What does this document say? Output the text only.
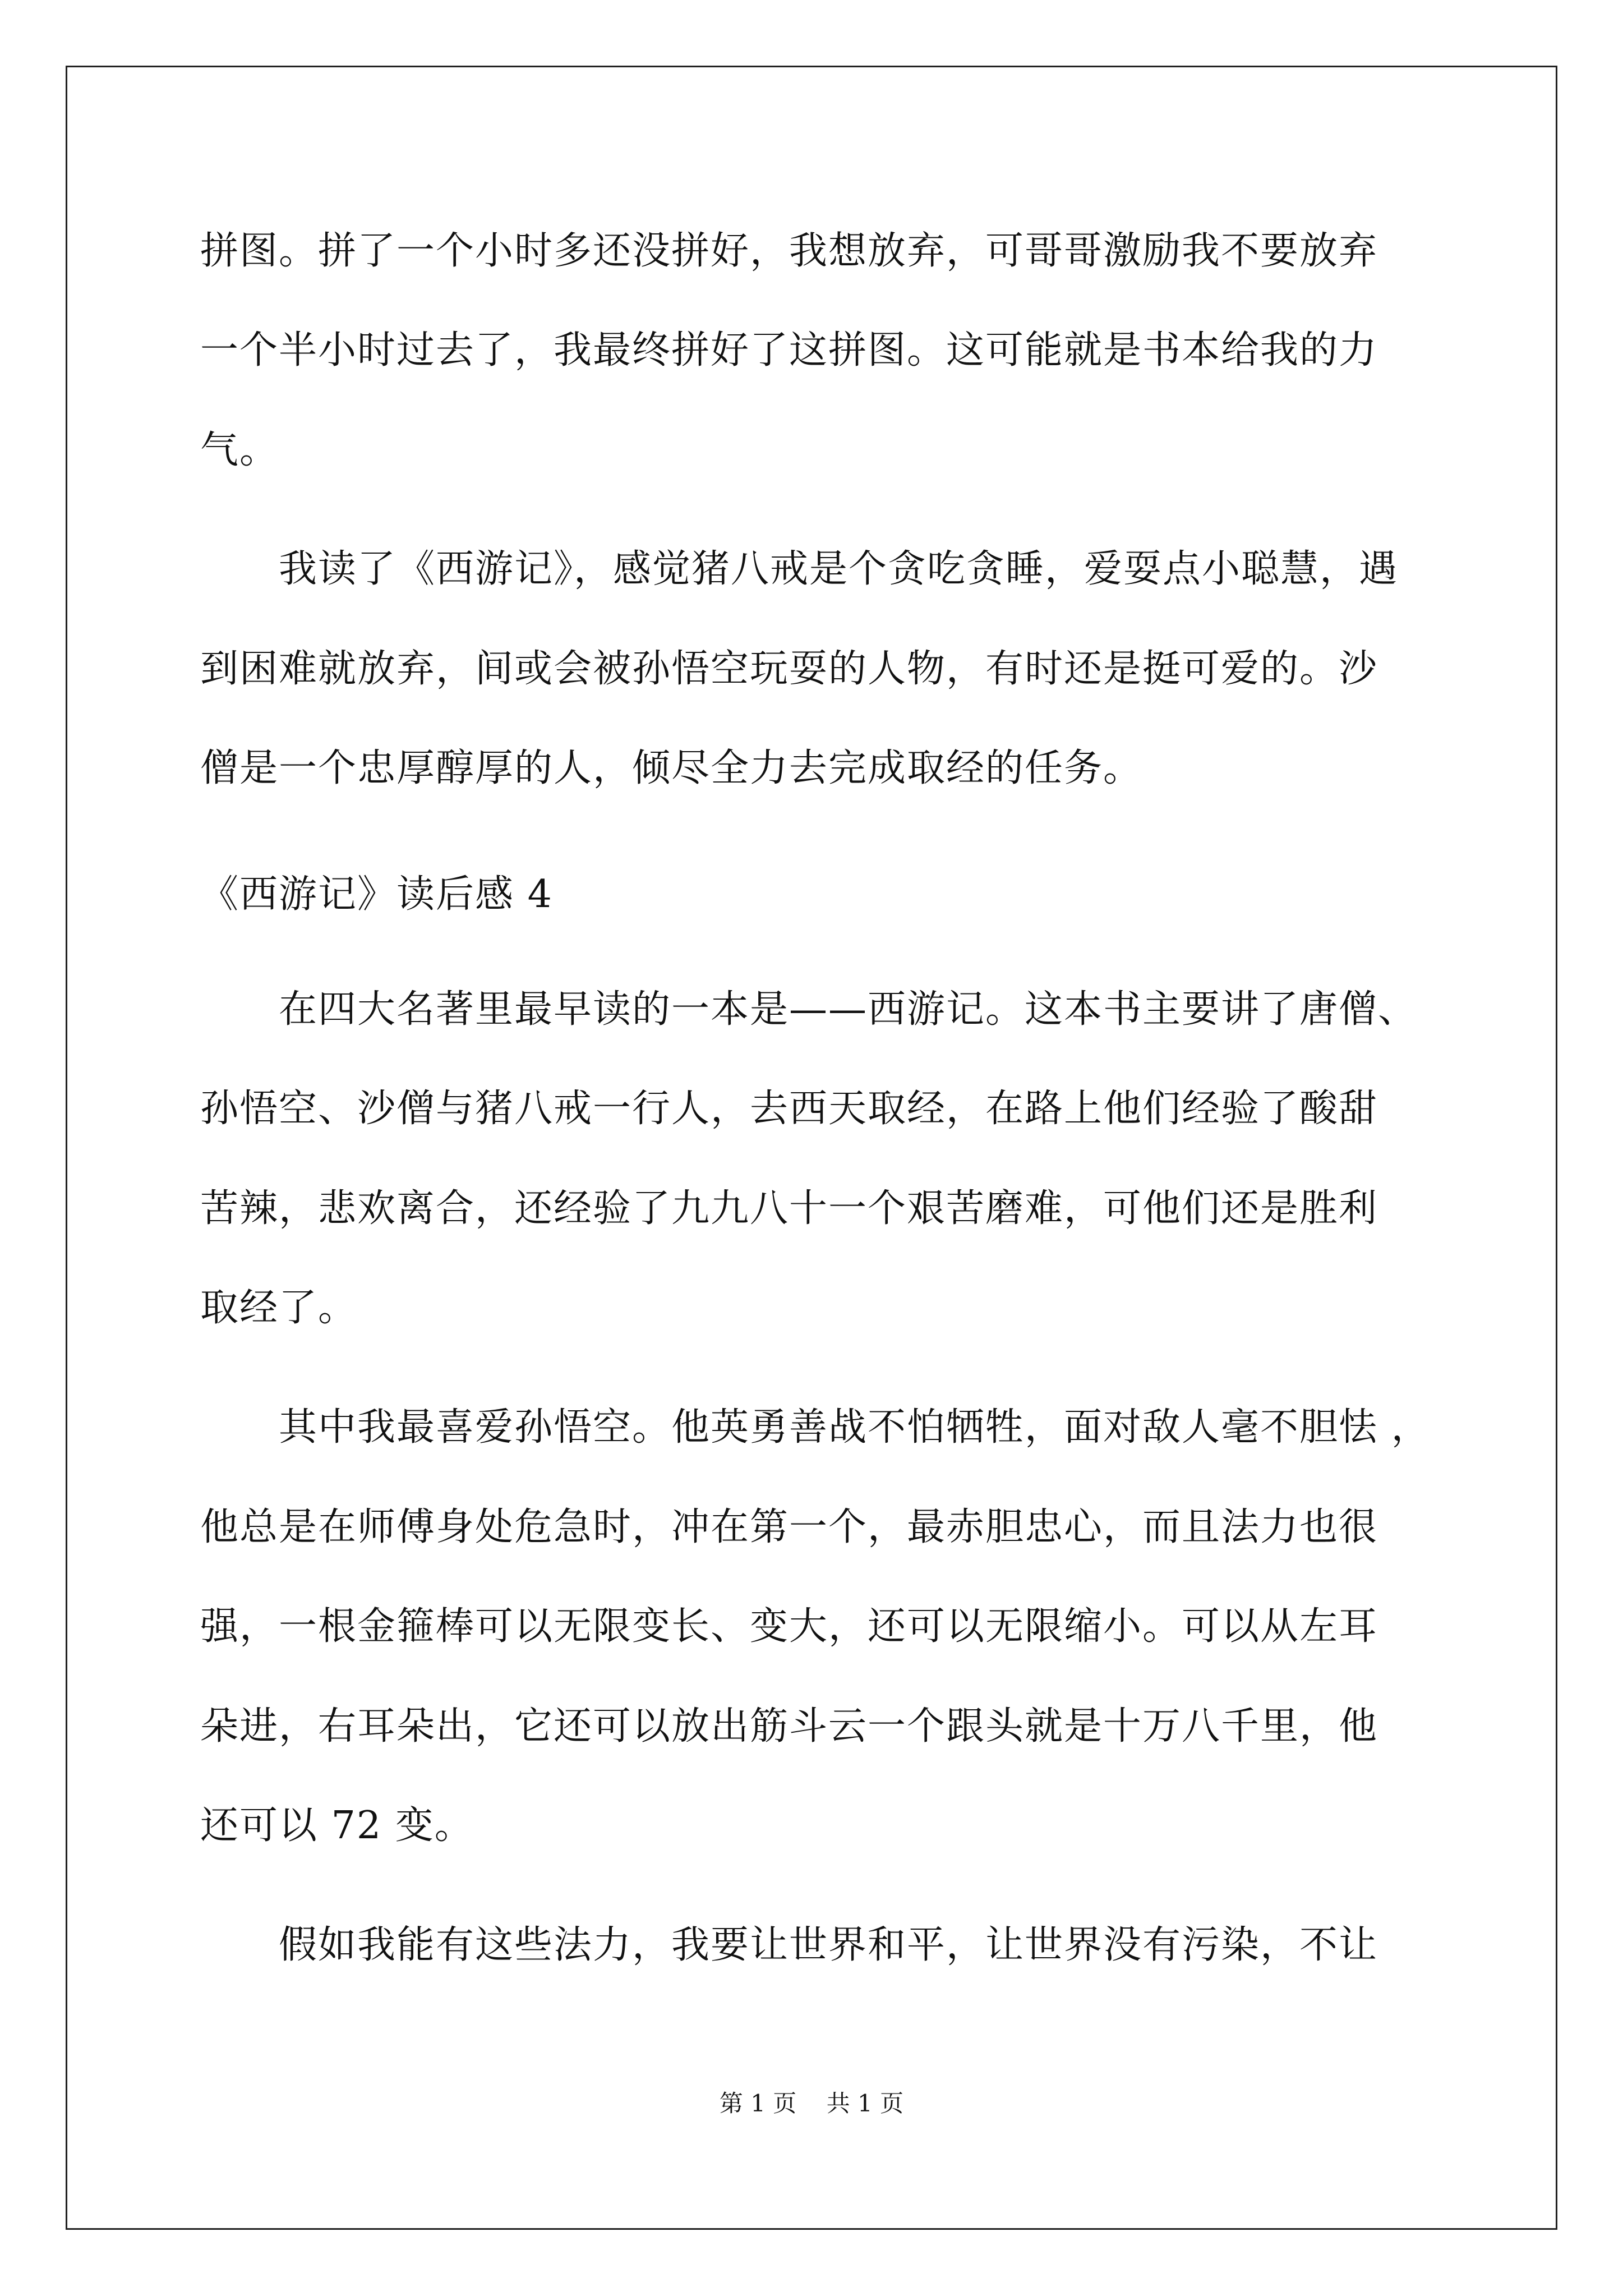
拼图。拼了一个小时多还没拼好，我想放弃，可哥哥激励我不要放弃
一个半小时过去了，我最终拼好了这拼图。这可能就是书本给我的力
气。
我读了《西游记》，感觉猪八戒是个贪吃贪睡，爱耍点小聪慧，遇
到困难就放弃，间或会被孙悟空玩耍的人物，有时还是挺可爱的。沙
僧是一个忠厚醇厚的人，倾尽全力去完成取经的任务。
《西游记》读后感 4
在四大名著里最早读的一本是——西游记。这本书主要讲了唐僧、
孙悟空、沙僧与猪八戒一行人，去西天取经，在路上他们经验了酸甜
苦辣，悲欢离合，还经验了九九八十一个艰苦磨难，可他们还是胜利
取经了。
其中我最喜爱孙悟空。他英勇善战不怕牺牲，面对敌人毫不胆怯 ，
他总是在师傅身处危急时，冲在第一个，最赤胆忠心，而且法力也很
强，一根金箍棒可以无限变长、变大，还可以无限缩小。可以从左耳
朵进，右耳朵出，它还可以放出筋斗云一个跟头就是十万八千里，他
还可以 72 变。
假如我能有这些法力，我要让世界和平，让世界没有污染，不让
第 1 页    共 1 页
